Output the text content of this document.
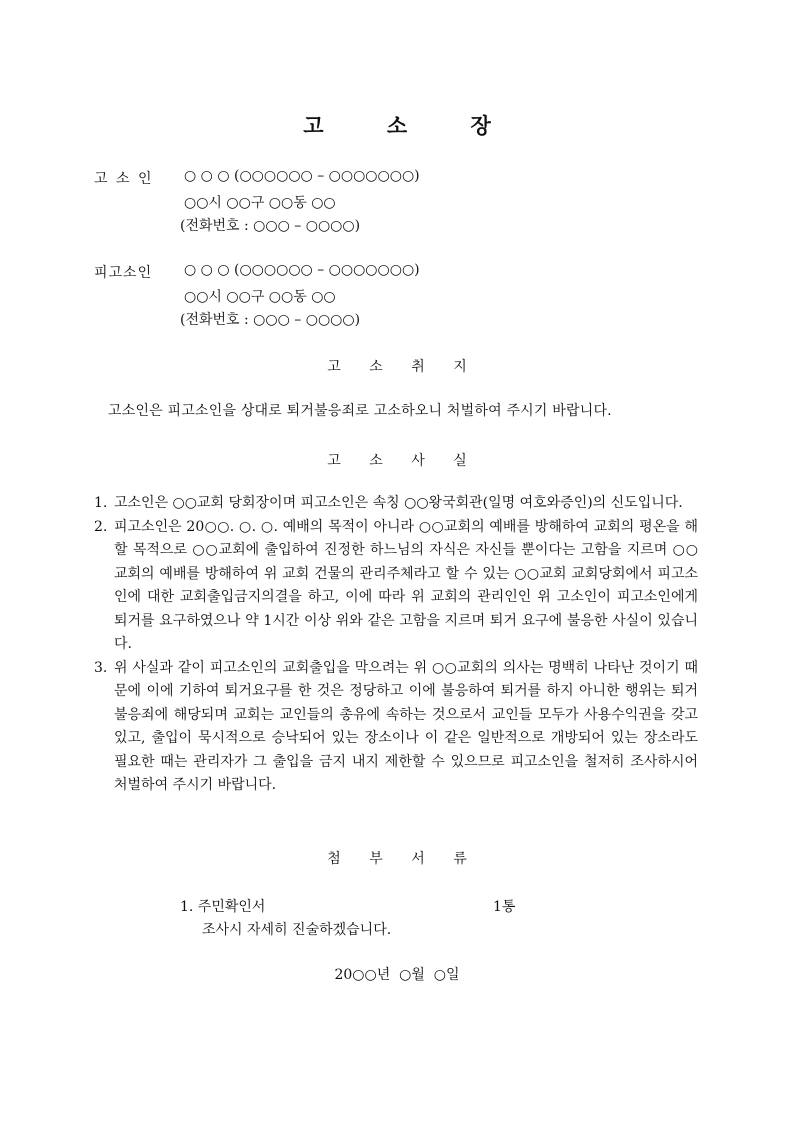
고 소 장
고 소 인 ○ ○ ○ (○○○○○○ – ○○○○○○○)
○○시 ○○구 ○○동 ○○
(전화번호 : ○○○ – ○○○○)
피고소인 ○ ○ ○ (○○○○○○ – ○○○○○○○)
○○시 ○○구 ○○동 ○○
(전화번호 : ○○○ – ○○○○)
고 소 취 지
고소인은 피고소인을 상대로 퇴거불응죄로 고소하오니 처벌하여 주시기 바랍니다.
고 소 사 실
1. 고소인은 ○○교회 당회장이며 피고소인은 속칭 ○○왕국회관(일명 여호와증인)의 신도입니다.
2. 피고소인은 20○○. ○. ○. 예배의 목적이 아니라 ○○교회의 예배를 방해하여 교회의 평온을 해할 목적으로 ○○교회에 출입하여 진정한 하느님의 자식은 자신들 뿐이다는 고함을 지르며 ○○교회의 예배를 방해하여 위 교회 건물의 관리주체라고 할 수 있는 ○○교회 교회당회에서 피고소인에 대한 교회출입금지의결을 하고, 이에 따라 위 교회의 관리인인 위 고소인이 피고소인에게 퇴거를 요구하였으나 약 1시간 이상 위와 같은 고함을 지르며 퇴거 요구에 불응한 사실이 있습니다.
3. 위 사실과 같이 피고소인의 교회출입을 막으려는 위 ○○교회의 의사는 명백히 나타난 것이기 때문에 이에 기하여 퇴거요구를 한 것은 정당하고 이에 불응하여 퇴거를 하지 아니한 행위는 퇴거불응죄에 해당되며 교회는 교인들의 총유에 속하는 것으로서 교인들 모두가 사용수익권을 갖고 있고, 출입이 묵시적으로 승낙되어 있는 장소이나 이 같은 일반적으로 개방되어 있는 장소라도 필요한 때는 관리자가 그 출입을 금지 내지 제한할 수 있으므로 피고소인을 철저히 조사하시어 처벌하여 주시기 바랍니다.
첨 부 서 류
1. 주민확인서	1통
조사시 자세히 진술하겠습니다.
20○○년  ○월  ○일
